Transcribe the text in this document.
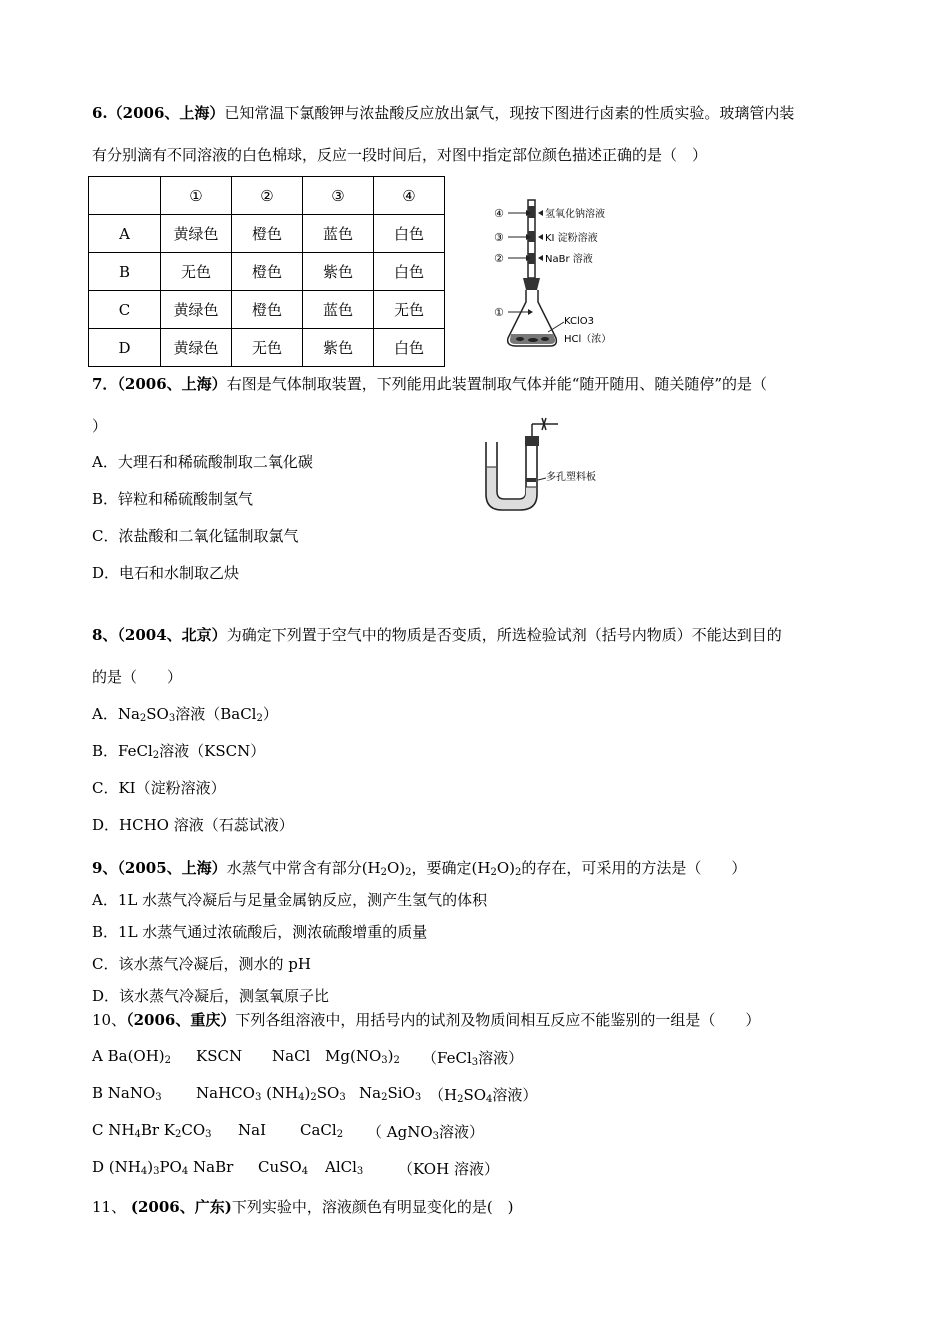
6.（2006、上海）已知常温下氯酸钾与浓盐酸反应放出氯气，现按下图进行卤素的性质实验。玻璃管内装
有分别滴有不同溶液的白色棉球，反应一段时间后，对图中指定部位颜色描述正确的是（　）
	①	②	③	④
A	黄绿色	橙色	蓝色	白色
B	无色	橙色	紫色	白色
C	黄绿色	橙色	蓝色	无色
D	黄绿色	无色	紫色	白色
④
③
②
①
氢氧化钠溶液
KI 淀粉溶液
NaBr 溶液
KClO3
HCl（浓）
7．（2006、上海）右图是气体制取装置，下列能用此装置制取气体并能“随开随用、随关随停”的是（
）
A．大理石和稀硫酸制取二氧化碳
B．锌粒和稀硫酸制氢气
C．浓盐酸和二氧化锰制取氯气
D．电石和水制取乙炔
多孔塑料板
8、（2004、北京）为确定下列置于空气中的物质是否变质，所选检验试剂（括号内物质）不能达到目的
的是（　　）
A．$Na_2SO_3$溶液（BaCl$_2$）
B．FeCl$_2$溶液（KSCN）
C．KI（淀粉溶液）
D．HCHO 溶液（石蕊试液）
9、（2005、上海）水蒸气中常含有部分$(H_2O)_2$，要确定$(H_2O)_2$的存在，可采用的方法是（　　）
A．1L 水蒸气冷凝后与足量金属钠反应，测产生氢气的体积
B．1L 水蒸气通过浓硫酸后，测浓硫酸增重的质量
C．该水蒸气冷凝后，测水的 pH
D．该水蒸气冷凝后，测氢氧原子比
10、（2006、重庆）下列各组溶液中，用括号内的试剂及物质间相互反应不能鉴别的一组是（　　）
A $Ba(OH)_2$ KSCN NaCl $Mg(NO_3)_2$ （FeCl$_3$溶液）
B NaNO$_3$ NaHCO$_3$ $(NH_4)_2SO_3$ $Na_2SiO_3$ （$H_2SO_4$溶液）
C $NH_4Br$ $K_2CO_3$ NaI CaCl$_2$ （ AgNO$_3$溶液）
D $(NH_4)_3PO_4$ NaBr CuSO$_4$ AlCl$_3$ （KOH 溶液）
11、 (2006、广东)下列实验中，溶液颜色有明显变化的是(　)
